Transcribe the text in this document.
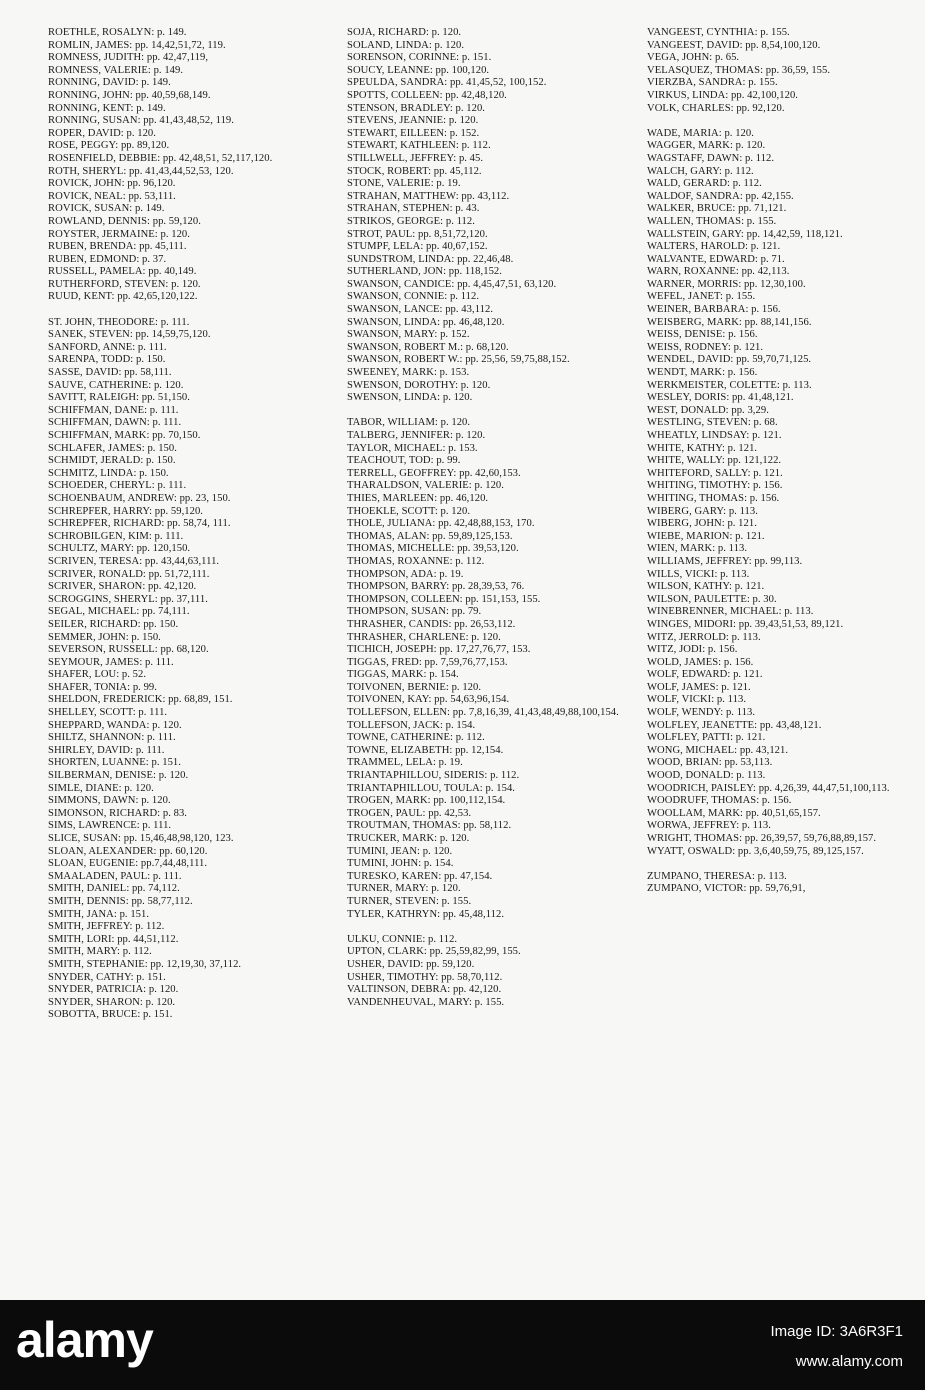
ROETHLE, ROSALYN: p. 149.
ROMLIN, JAMES: pp. 14,42,51,72, 119.
ROMNESS, JUDITH: pp. 42,47,119,
ROMNESS, VALERIE: p. 149.
RONNING, DAVID: p. 149.
RONNING, JOHN: pp. 40,59,68,149.
RONNING, KENT: p. 149.
RONNING, SUSAN: pp. 41,43,48,52, 119.
ROPER, DAVID: p. 120.
ROSE, PEGGY: pp. 89,120.
ROSENFIELD, DEBBIE: pp. 42,48,51, 52,117,120.
ROTH, SHERYL: pp. 41,43,44,52,53, 120.
ROVICK, JOHN: pp. 96,120.
ROVICK, NEAL: pp. 53,111.
ROVICK, SUSAN: p. 149.
ROWLAND, DENNIS: pp. 59,120.
ROYSTER, JERMAINE: p. 120.
RUBEN, BRENDA: pp. 45,111.
RUBEN, EDMOND: p. 37.
RUSSELL, PAMELA: pp. 40,149.
RUTHERFORD, STEVEN: p. 120.
RUUD, KENT: pp. 42,65,120,122.
ST. JOHN, THEODORE: p. 111.
SANEK, STEVEN: pp. 14,59,75,120.
SANFORD, ANNE: p. 111.
SARENPA, TODD: p. 150.
SASSE, DAVID: pp. 58,111.
SAUVE, CATHERINE: p. 120.
SAVITT, RALEIGH: pp. 51,150.
SCHIFFMAN, DANE: p. 111.
SCHIFFMAN, DAWN: p. 111.
SCHIFFMAN, MARK: pp. 70,150.
SCHLAFER, JAMES: p. 150.
SCHMIDT, JERALD: p. 150.
SCHMITZ, LINDA: p. 150.
SCHOEDER, CHERYL: p. 111.
SCHOENBAUM, ANDREW: pp. 23, 150.
SCHREPFER, HARRY: pp. 59,120.
SCHREPFER, RICHARD: pp. 58,74, 111.
SCHROBILGEN, KIM: p. 111.
SCHULTZ, MARY: pp. 120,150.
SCRIVEN, TERESA: pp. 43,44,63,111.
SCRIVER, RONALD: pp. 51,72,111.
SCRIVER, SHARON: pp. 42,120.
SCROGGINS, SHERYL: pp. 37,111.
SEGAL, MICHAEL: pp. 74,111.
SEILER, RICHARD: pp. 150.
SEMMER, JOHN: p. 150.
SEVERSON, RUSSELL: pp. 68,120.
SEYMOUR, JAMES: p. 111.
SHAFER, LOU: p. 52.
SHAFER, TONIA: p. 99.
SHELDON, FREDERICK: pp. 68,89, 151.
SHELLEY, SCOTT: p. 111.
SHEPPARD, WANDA: p. 120.
SHILTZ, SHANNON: p. 111.
SHIRLEY, DAVID: p. 111.
SHORTEN, LUANNE: p. 151.
SILBERMAN, DENISE: p. 120.
SIMLE, DIANE: p. 120.
SIMMONS, DAWN: p. 120.
SIMONSON, RICHARD: p. 83.
SIMS, LAWRENCE: p. 111.
SLICE, SUSAN: pp. 15,46,48,98,120, 123.
SLOAN, ALEXANDER: pp. 60,120.
SLOAN, EUGENIE: pp.7,44,48,111.
SMAALADEN, PAUL: p. 111.
SMITH, DANIEL: pp. 74,112.
SMITH, DENNIS: pp. 58,77,112.
SMITH, JANA: p. 151.
SMITH, JEFFREY: p. 112.
SMITH, LORI: pp. 44,51,112.
SMITH, MARY: p. 112.
SMITH, STEPHANIE: pp. 12,19,30, 37,112.
SNYDER, CATHY: p. 151.
SNYDER, PATRICIA: p. 120.
SNYDER, SHARON: p. 120.
SOBOTTA, BRUCE: p. 151.
SOJA, RICHARD: p. 120.
SOLAND, LINDA: p. 120.
SORENSON, CORINNE: p. 151.
SOUCY, LEANNE: pp. 100,120.
SPEULDA, SANDRA: pp. 41,45,52, 100,152.
SPOTTS, COLLEEN: pp. 42,48,120.
STENSON, BRADLEY: p. 120.
STEVENS, JEANNIE: p. 120.
STEWART, EILLEEN: p. 152.
STEWART, KATHLEEN: p. 112.
STILLWELL, JEFFREY: p. 45.
STOCK, ROBERT: pp. 45,112.
STONE, VALERIE: p. 19.
STRAHAN, MATTHEW: pp. 43,112.
STRAHAN, STEPHEN: p. 43.
STRIKOS, GEORGE: p. 112.
STROT, PAUL: pp. 8,51,72,120.
STUMPF, LELA: pp. 40,67,152.
SUNDSTROM, LINDA: pp. 22,46,48.
SUTHERLAND, JON: pp. 118,152.
SWANSON, CANDICE: pp. 4,45,47,51, 63,120.
SWANSON, CONNIE: p. 112.
SWANSON, LANCE: pp. 43,112.
SWANSON, LINDA: pp. 46,48,120.
SWANSON, MARY: p. 152.
SWANSON, ROBERT M.: p. 68,120.
SWANSON, ROBERT W.: pp. 25,56, 59,75,88,152.
SWEENEY, MARK: p. 153.
SWENSON, DOROTHY: p. 120.
SWENSON, LINDA: p. 120.
TABOR, WILLIAM: p. 120.
TALBERG, JENNIFER: p. 120.
TAYLOR, MICHAEL: p. 153.
TEACHOUT, TOD: p. 99.
TERRELL, GEOFFREY: pp. 42,60,153.
THARALDSON, VALERIE: p. 120.
THIES, MARLEEN: pp. 46,120.
THOEKLE, SCOTT: p. 120.
THOLE, JULIANA: pp. 42,48,88,153, 170.
THOMAS, ALAN: pp. 59,89,125,153.
THOMAS, MICHELLE: pp. 39,53,120.
THOMAS, ROXANNE: p. 112.
THOMPSON, ADA: p. 19.
THOMPSON, BARRY: pp. 28,39,53, 76.
THOMPSON, COLLEEN: pp. 151,153, 155.
THOMPSON, SUSAN: pp. 79.
THRASHER, CANDIS: pp. 26,53,112.
THRASHER, CHARLENE: p. 120.
TICHICH, JOSEPH: pp. 17,27,76,77, 153.
TIGGAS, FRED: pp. 7,59,76,77,153.
TIGGAS, MARK: p. 154.
TOIVONEN, BERNIE: p. 120.
TOIVONEN, KAY: pp. 54,63,96,154.
TOLLEFSON, ELLEN: pp. 7,8,16,39, 41,43,48,49,88,100,154.
TOLLEFSON, JACK: p. 154.
TOWNE, CATHERINE: p. 112.
TOWNE, ELIZABETH: pp. 12,154.
TRAMMEL, LELA: p. 19.
TRIANTAPHILLOU, SIDERIS: p. 112.
TRIANTAPHILLOU, TOULA: p. 154.
TROGEN, MARK: pp. 100,112,154.
TROGEN, PAUL: pp. 42,53.
TROUTMAN, THOMAS: pp. 58,112.
TRUCKER, MARK: p. 120.
TUMINI, JEAN: p. 120.
TUMINI, JOHN: p. 154.
TURESKO, KAREN: pp. 47,154.
TURNER, MARY: p. 120.
TURNER, STEVEN: p. 155.
TYLER, KATHRYN: pp. 45,48,112.
ULKU, CONNIE: p. 112.
UPTON, CLARK: pp. 25,59,82,99, 155.
USHER, DAVID: pp. 59,120.
USHER, TIMOTHY: pp. 58,70,112.
VALTINSON, DEBRA: pp. 42,120.
VANDENHEUVAL, MARY: p. 155.
VANGEEST, CYNTHIA: p. 155.
VANGEEST, DAVID: pp. 8,54,100,120.
VEGA, JOHN: p. 65.
VELASQUEZ, THOMAS: pp. 36,59, 155.
VIERZBA, SANDRA: p. 155.
VIRKUS, LINDA: pp. 42,100,120.
VOLK, CHARLES: pp. 92,120.
WADE, MARIA: p. 120.
WAGGER, MARK: p. 120.
WAGSTAFF, DAWN: p. 112.
WALCH, GARY: p. 112.
WALD, GERARD: p. 112.
WALDOF, SANDRA: pp. 42,155.
WALKER, BRUCE: pp. 71,121.
WALLEN, THOMAS: p. 155.
WALLSTEIN, GARY: pp. 14,42,59, 118,121.
WALTERS, HAROLD: p. 121.
WALVANTE, EDWARD: p. 71.
WARN, ROXANNE: pp. 42,113.
WARNER, MORRIS: pp. 12,30,100.
WEFEL, JANET: p. 155.
WEINER, BARBARA: p. 156.
WEISBERG, MARK: pp. 88,141,156.
WEISS, DENISE: p. 156.
WEISS, RODNEY: p. 121.
WENDEL, DAVID: pp. 59,70,71,125.
WENDT, MARK: p. 156.
WERKMEISTER, COLETTE: p. 113.
WESLEY, DORIS: pp. 41,48,121.
WEST, DONALD: pp. 3,29.
WESTLING, STEVEN: p. 68.
WHEATLY, LINDSAY: p. 121.
WHITE, KATHY: p. 121.
WHITE, WALLY: pp. 121,122.
WHITEFORD, SALLY: p. 121.
WHITING, TIMOTHY: p. 156.
WHITING, THOMAS: p. 156.
WIBERG, GARY: p. 113.
WIBERG, JOHN: p. 121.
WIEBE, MARION: p. 121.
WIEN, MARK: p. 113.
WILLIAMS, JEFFREY: pp. 99,113.
WILLS, VICKI: p. 113.
WILSON, KATHY: p. 121.
WILSON, PAULETTE: p. 30.
WINEBRENNER, MICHAEL: p. 113.
WINGES, MIDORI: pp. 39,43,51,53, 89,121.
WITZ, JERROLD: p. 113.
WITZ, JODI: p. 156.
WOLD, JAMES: p. 156.
WOLF, EDWARD: p. 121.
WOLF, JAMES: p. 121.
WOLF, VICKI: p. 113.
WOLF, WENDY: p. 113.
WOLFLEY, JEANETTE: pp. 43,48,121.
WOLFLEY, PATTI: p. 121.
WONG, MICHAEL: pp. 43,121.
WOOD, BRIAN: pp. 53,113.
WOOD, DONALD: p. 113.
WOODRICH, PAISLEY: pp. 4,26,39, 44,47,51,100,113.
WOODRUFF, THOMAS: p. 156.
WOOLLAM, MARK: pp. 40,51,65,157.
WORWA, JEFFREY: p. 113.
WRIGHT, THOMAS: pp. 26,39,57, 59,76,88,89,157.
WYATT, OSWALD: pp. 3,6,40,59,75, 89,125,157.
ZUMPANO, THERESA: p. 113.
ZUMPANO, VICTOR: pp. 59,76,91,
alamy	Image ID: 3A6R3F1
www.alamy.com
